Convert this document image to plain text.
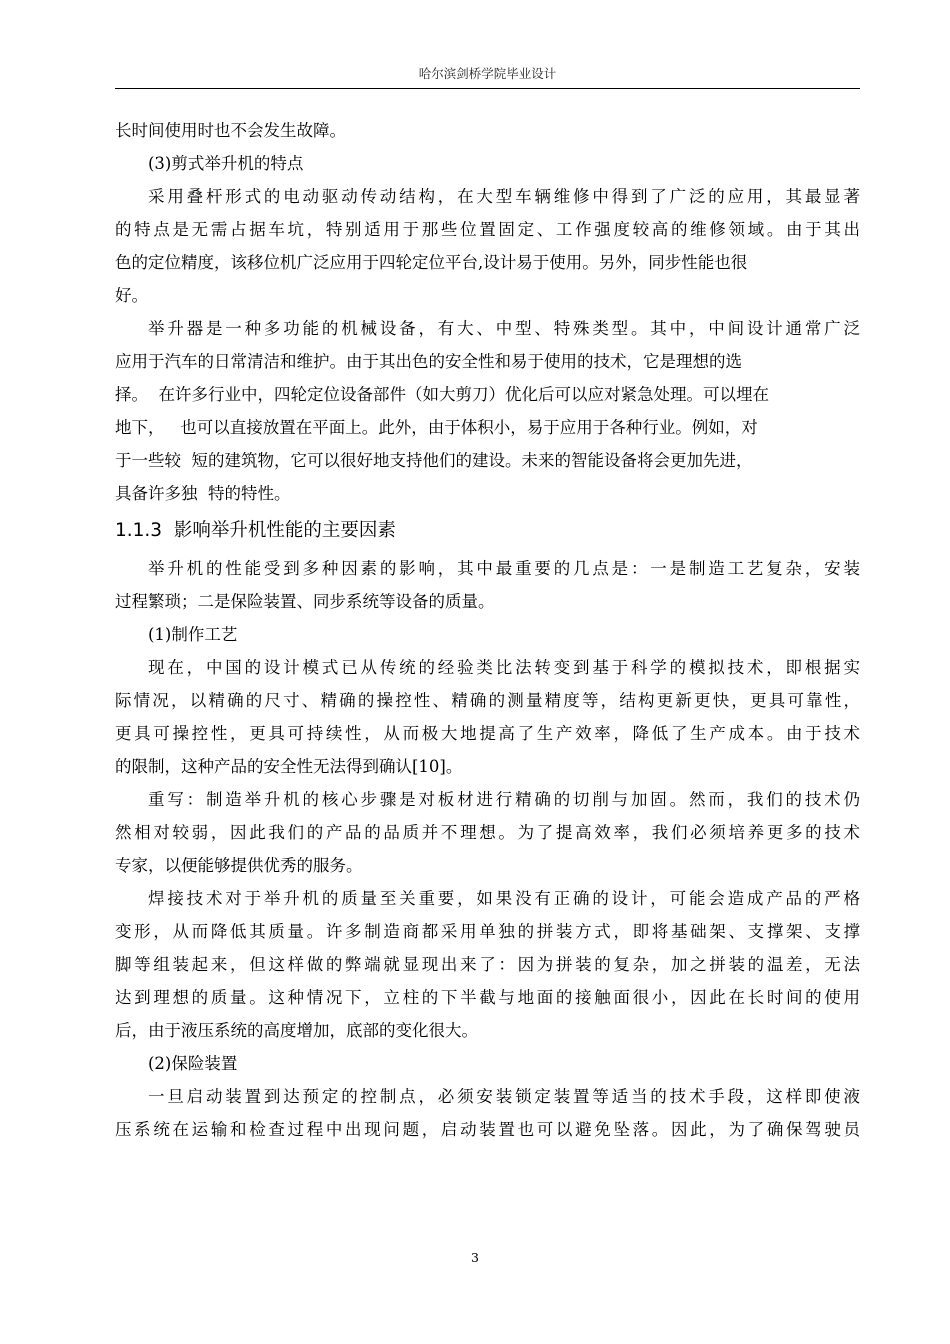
哈尔滨剑桥学院毕业设计
长时间使用时也不会发生故障。
(3)剪式举升机的特点
采用叠杆形式的电动驱动传动结构，在大型车辆维修中得到了广泛的应用，其最显著
的特点是无需占据车坑，特别适用于那些位置固定、工作强度较高的维修领域。由于其出
色的定位精度，该移位机广泛应用于四轮定位平台,设计易于使用。另外，同步性能也很
好。
举升器是一种多功能的机械设备，有大、中型、特殊类型。其中，中间设计通常广泛
应用于汽车的日常清洁和维护。由于其出色的安全性和易于使用的技术，它是理想的选
择。  在许多行业中，四轮定位设备部件（如大剪刀）优化后可以应对紧急处理。可以埋在
地下，   也可以直接放置在平面上。此外，由于体积小，易于应用于各种行业。例如，对
于一些较  短的建筑物，它可以很好地支持他们的建设。未来的智能设备将会更加先进，
具备许多独  特的特性。
1.1.3  影响举升机性能的主要因素
举升机的性能受到多种因素的影响，其中最重要的几点是：一是制造工艺复杂，安装
过程繁琐；二是保险装置、同步系统等设备的质量。
(1)制作工艺
现在，中国的设计模式已从传统的经验类比法转变到基于科学的模拟技术，即根据实
际情况，以精确的尺寸、精确的操控性、精确的测量精度等，结构更新更快，更具可靠性，
更具可操控性，更具可持续性，从而极大地提高了生产效率，降低了生产成本。由于技术
的限制，这种产品的安全性无法得到确认[10]。
重写：制造举升机的核心步骤是对板材进行精确的切削与加固。然而，我们的技术仍
然相对较弱，因此我们的产品的品质并不理想。为了提高效率，我们必须培养更多的技术
专家，以便能够提供优秀的服务。
焊接技术对于举升机的质量至关重要，如果没有正确的设计，可能会造成产品的严格
变形，从而降低其质量。许多制造商都采用单独的拼装方式，即将基础架、支撑架、支撑
脚等组装起来，但这样做的弊端就显现出来了：因为拼装的复杂，加之拼装的温差，无法
达到理想的质量。这种情况下，立柱的下半截与地面的接触面很小，因此在长时间的使用
后，由于液压系统的高度增加，底部的变化很大。
(2)保险装置
一旦启动装置到达预定的控制点，必须安装锁定装置等适当的技术手段，这样即使液
压系统在运输和检查过程中出现问题，启动装置也可以避免坠落。因此，为了确保驾驶员
3
